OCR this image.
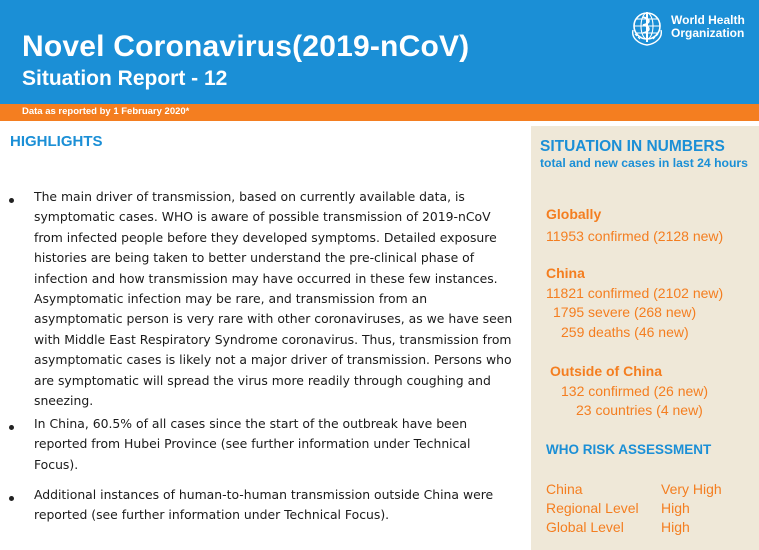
Novel Coronavirus(2019-nCoV)
Situation Report - 12
World Health
Organization
Data as reported by 1 February 2020*
HIGHLIGHTS
The main driver of transmission, based on currently available data, is symptomatic cases. WHO is aware of possible transmission of 2019-nCoV from infected people before they developed symptoms. Detailed exposure histories are being taken to better understand the pre-clinical phase of infection and how transmission may have occurred in these few instances. Asymptomatic infection may be rare, and transmission from an asymptomatic person is very rare with other coronaviruses, as we have seen with Middle East Respiratory Syndrome coronavirus. Thus, transmission from asymptomatic cases is likely not a major driver of transmission. Persons who are symptomatic will spread the virus more readily through coughing and sneezing.
In China, 60.5% of all cases since the start of the outbreak have been reported from Hubei Province (see further information under Technical Focus).
Additional instances of human-to-human transmission outside China were reported (see further information under Technical Focus).
SITUATION IN NUMBERS
total and new cases in last 24 hours
Globally
11953 confirmed (2128 new)
China
11821 confirmed (2102 new)
1795 severe (268 new)
259 deaths (46 new)
Outside of China
132 confirmed (26 new)
23 countries (4 new)
WHO RISK ASSESSMENT
China	Very High
Regional Level High
Global Level	High
